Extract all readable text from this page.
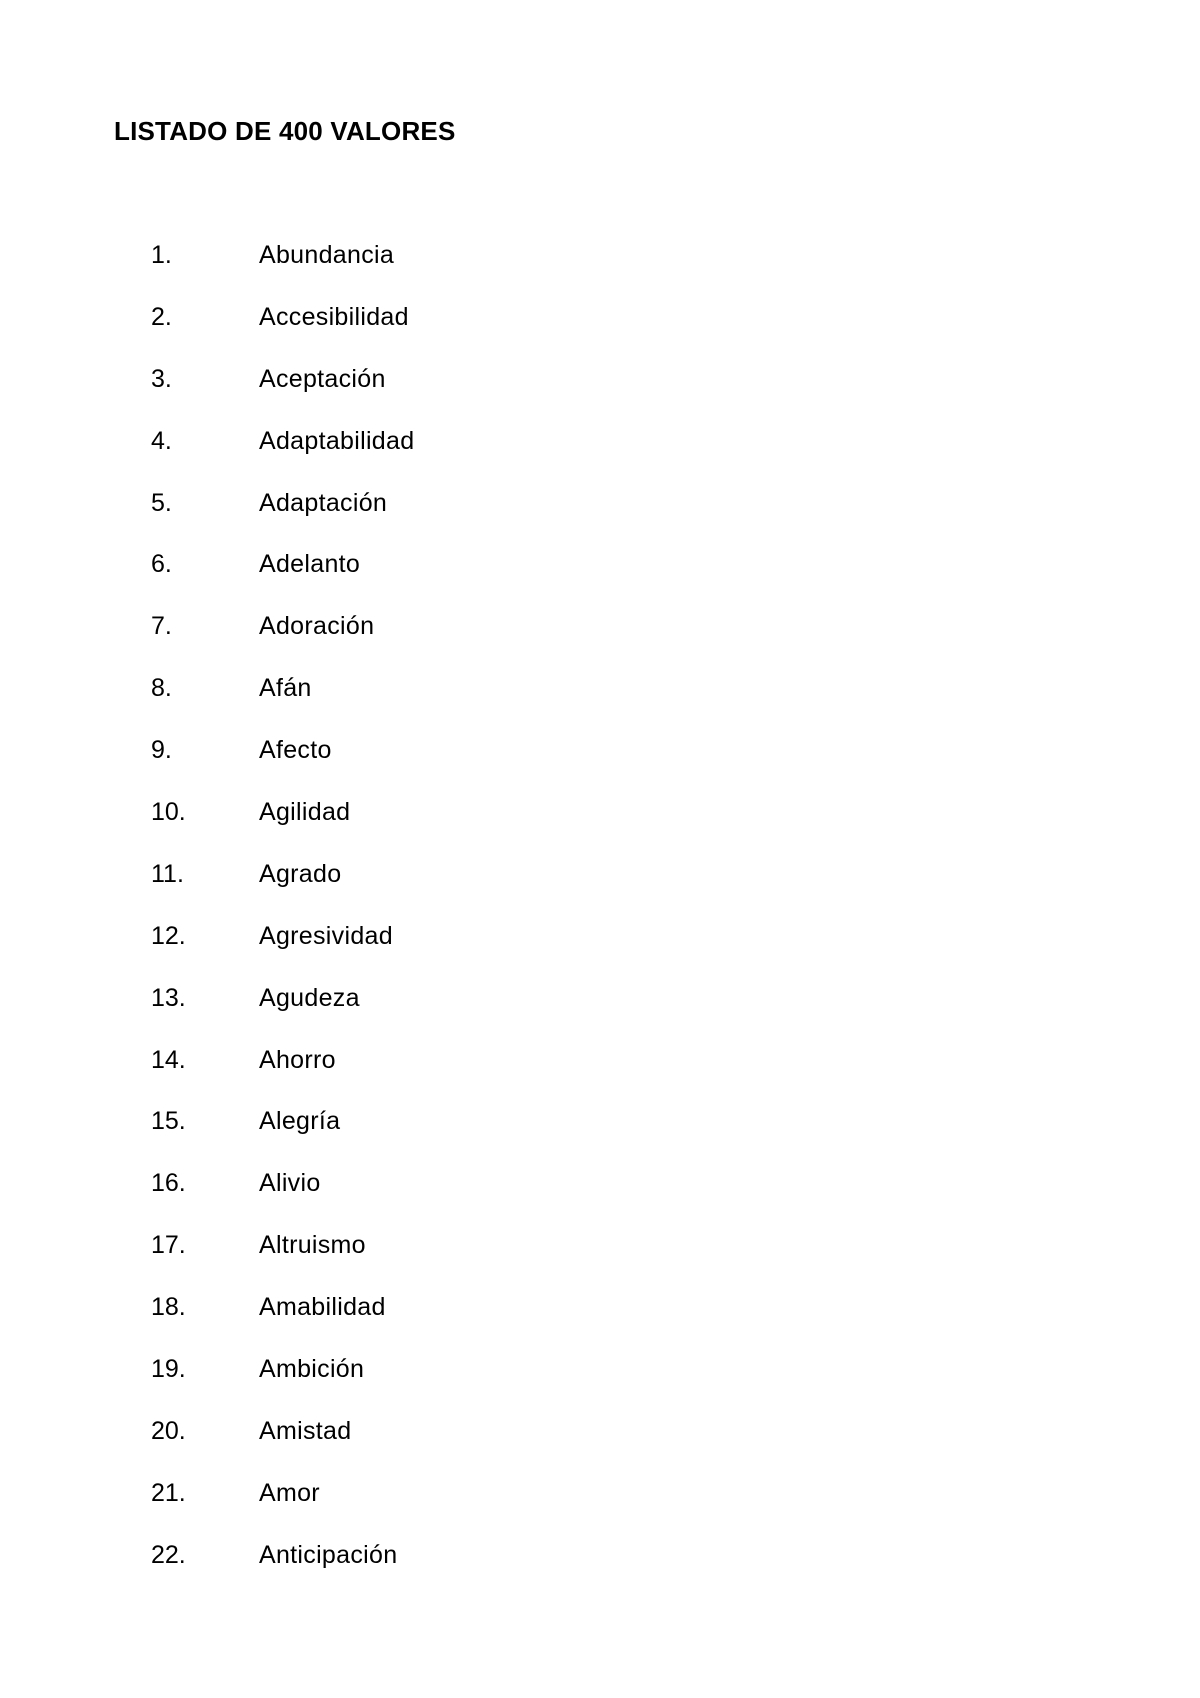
LISTADO DE 400 VALORES
1.	Abundancia
2.	Accesibilidad
3.	Aceptación
4.	Adaptabilidad
5.	Adaptación
6.	Adelanto
7.	Adoración
8.	Afán
9.	Afecto
10.	Agilidad
11.	Agrado
12.	Agresividad
13.	Agudeza
14.	Ahorro
15.	Alegría
16.	Alivio
17.	Altruismo
18.	Amabilidad
19.	Ambición
20.	Amistad
21.	Amor
22.	Anticipación
